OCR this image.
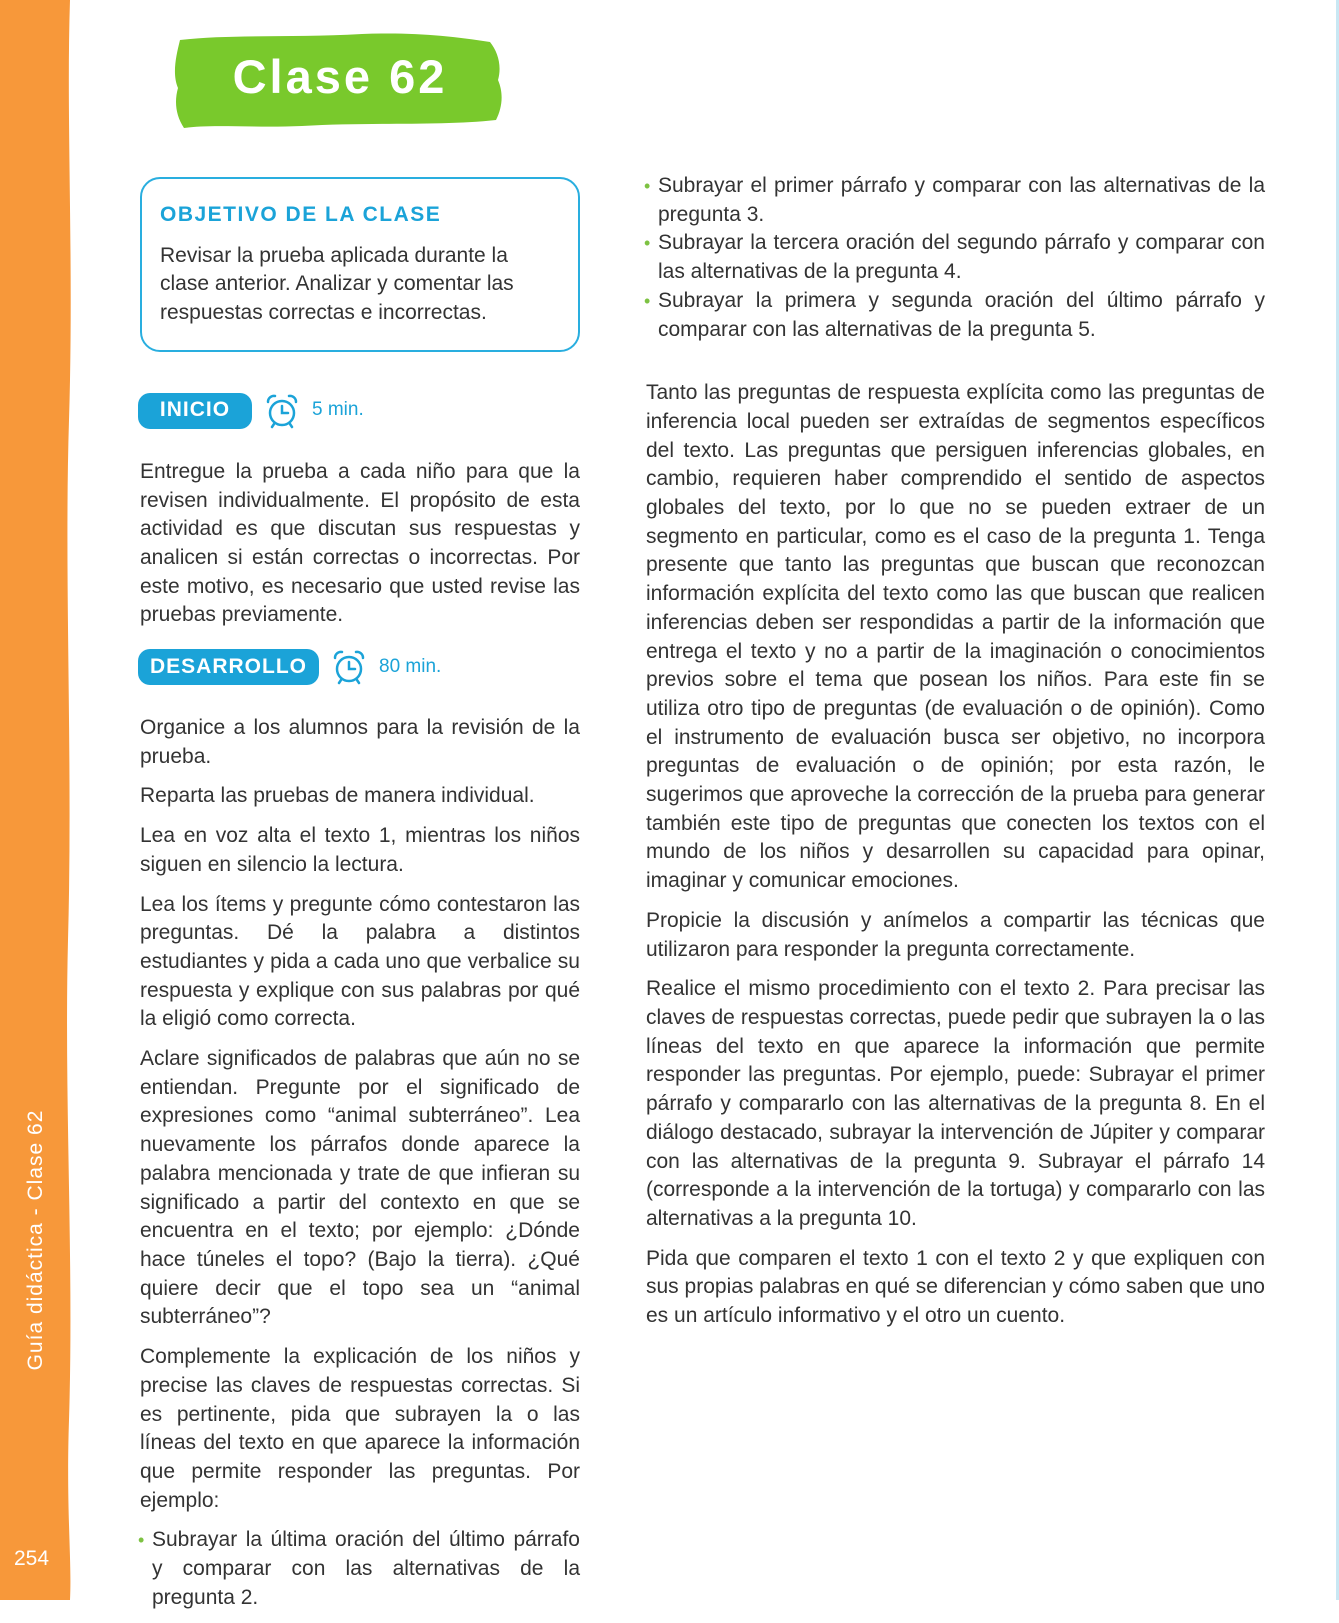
Guía didáctica - Clase 62
254
Clase 62
OBJETIVO DE LA CLASE

Revisar la prueba aplicada durante la clase anterior. Analizar y comentar las respuestas correctas e incorrectas.

INICIO	5 min.

Entregue la prueba a cada niño para que la revisen individualmente. El propósito de esta actividad es que discutan sus respuestas y analicen si están correctas o incorrectas. Por este motivo, es necesario que usted revise las pruebas previamente.

DESARROLLO	80 min.

Organice a los alumnos para la revisión de la prueba.

Reparta las pruebas de manera individual.

Lea en voz alta el texto 1, mientras los niños siguen en silencio la lectura.

Lea los ítems y pregunte cómo contestaron las preguntas. Dé la palabra a distintos estudiantes y pida a cada uno que verbalice su respuesta y explique con sus palabras por qué la eligió como correcta.

Aclare significados de palabras que aún no se entiendan. Pregunte por el significado de expresiones como “animal subterráneo”. Lea nuevamente los párrafos donde aparece la palabra mencionada y trate de que infieran su significado a partir del contexto en que se encuentra en el texto; por ejemplo: ¿Dónde hace túneles el topo? (Bajo la tierra). ¿Qué quiere decir que el topo sea un “animal subterráneo”?

Complemente la explicación de los niños y precise las claves de respuestas correctas. Si es pertinente, pida que subrayen la o las líneas del texto en que aparece la información que permite responder las preguntas. Por ejemplo:

• Subrayar la última oración del último párrafo y comparar con las alternativas de la pregunta 2.
• Subrayar el primer párrafo y comparar con las alternativas de la pregunta 3.
• Subrayar la tercera oración del segundo párrafo y comparar con las alternativas de la pregunta 4.
• Subrayar la primera y segunda oración del último párrafo y comparar con las alternativas de la pregunta 5.

Tanto las preguntas de respuesta explícita como las preguntas de inferencia local pueden ser extraídas de segmentos específicos del texto. Las preguntas que persiguen inferencias globales, en cambio, requieren haber comprendido el sentido de aspectos globales del texto, por lo que no se pueden extraer de un segmento en particular, como es el caso de la pregunta 1. Tenga presente que tanto las preguntas que buscan que reconozcan información explícita del texto como las que buscan que realicen inferencias deben ser respondidas a partir de la información que entrega el texto y no a partir de la imaginación o conocimientos previos sobre el tema que posean los niños. Para este fin se utiliza otro tipo de preguntas (de evaluación o de opinión). Como el instrumento de evaluación busca ser objetivo, no incorpora preguntas de evaluación o de opinión; por esta razón, le sugerimos que aproveche la corrección de la prueba para generar también este tipo de preguntas que conecten los textos con el mundo de los niños y desarrollen su capacidad para opinar, imaginar y comunicar emociones.

Propicie la discusión y anímelos a compartir las técnicas que utilizaron para responder la pregunta correctamente.

Realice el mismo procedimiento con el texto 2. Para precisar las claves de respuestas correctas, puede pedir que subrayen la o las líneas del texto en que aparece la información que permite responder las preguntas. Por ejemplo, puede: Subrayar el primer párrafo y compararlo con las alternativas de la pregunta 8. En el diálogo destacado, subrayar la intervención de Júpiter y comparar con las alternativas de la pregunta 9. Subrayar el párrafo 14 (corresponde a la intervención de la tortuga) y compararlo con las alternativas a la pregunta 10.

Pida que comparen el texto 1 con el texto 2 y que expliquen con sus propias palabras en qué se diferencian y cómo saben que uno es un artículo informativo y el otro un cuento.
